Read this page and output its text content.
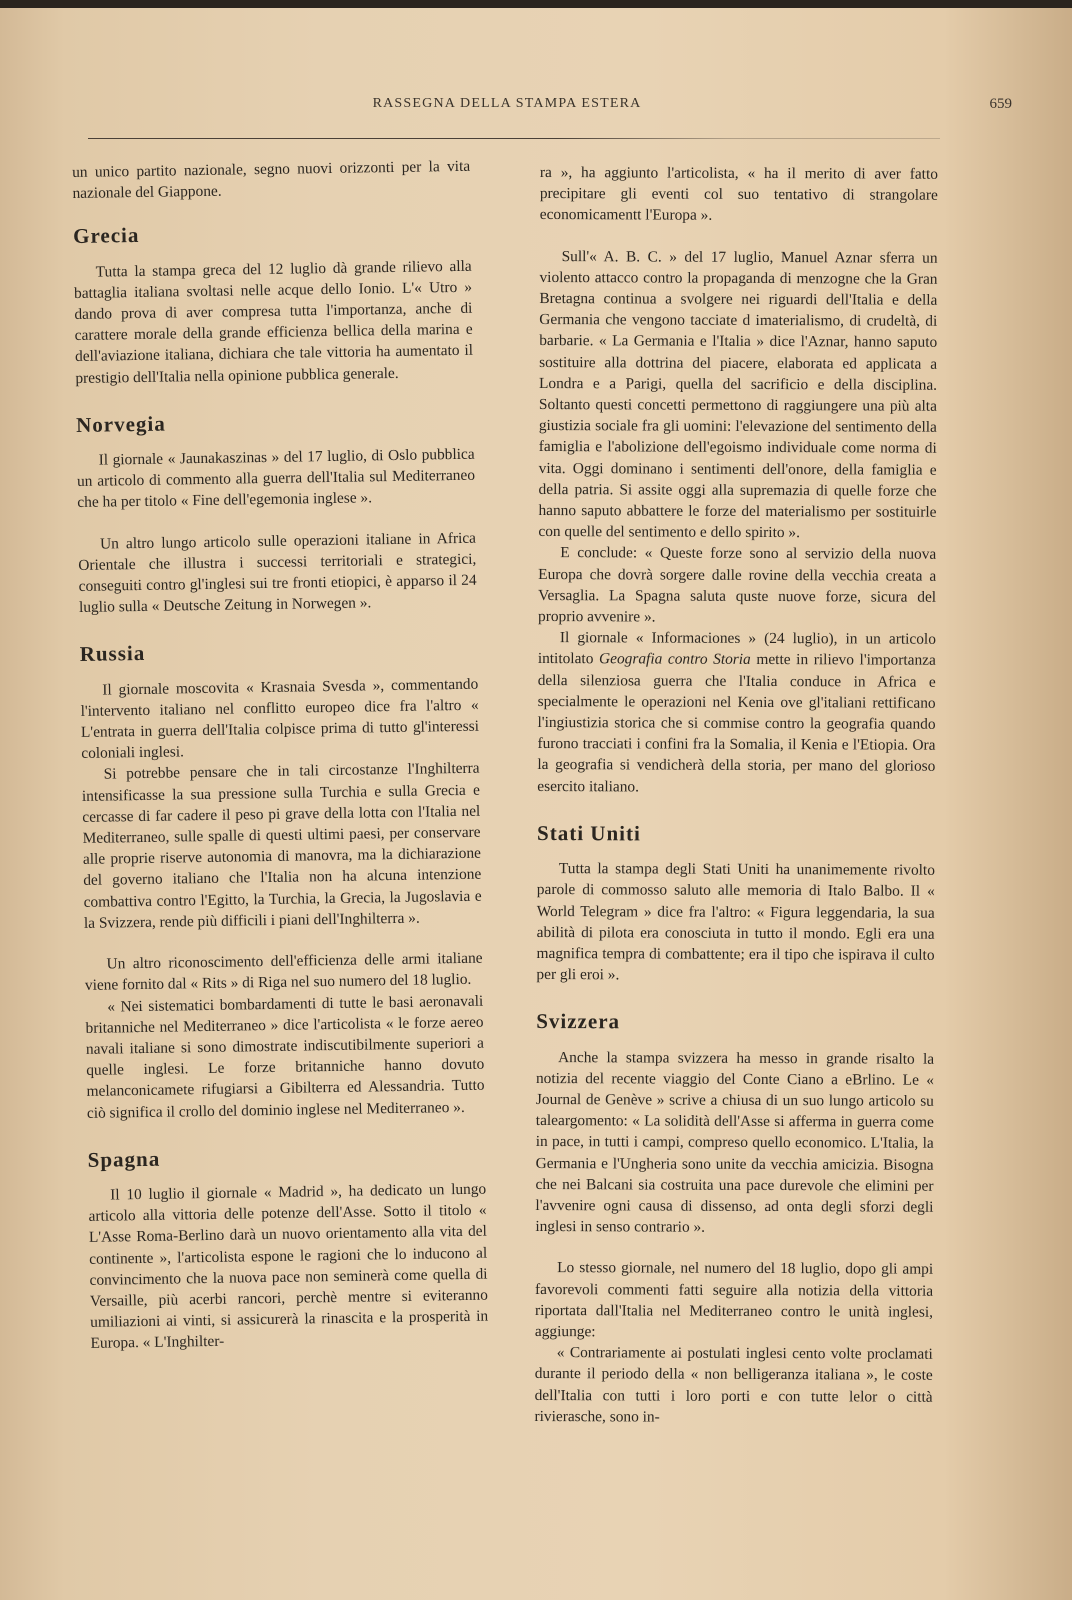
RASSEGNA DELLA STAMPA ESTERA	659

un unico partito nazionale, segno nuovi orizzonti per la vita nazionale del Giappone.

Grecia

Tutta la stampa greca del 12 luglio dà grande rilievo alla battaglia italiana svoltasi nelle acque dello Ionio. L'« Utro » dando prova di aver compresa tutta l'importanza, anche di carattere morale della grande efficienza bellica della marina e dell'aviazione italiana, dichiara che tale vittoria ha aumentato il prestigio dell'Italia nella opinione pubblica generale.

Norvegia

Il giornale « Jaunakaszinas » del 17 luglio, di Oslo pubblica un articolo di commento alla guerra dell'Italia sul Mediterraneo che ha per titolo « Fine dell'egemonia inglese ».

Un altro lungo articolo sulle operazioni italiane in Africa Orientale che illustra i successi territoriali e strategici, conseguiti contro gl'inglesi sui tre fronti etiopici, è apparso il 24 luglio sulla « Deutsche Zeitung in Norwegen ».

Russia

Il giornale moscovita « Krasnaia Svesda », commentando l'intervento italiano nel conflitto europeo dice fra l'altro « L'entrata in guerra dell'Italia colpisce prima di tutto gl'interessi coloniali inglesi.

Si potrebbe pensare che in tali circostanze l'Inghilterra intensificasse la sua pressione sulla Turchia e sulla Grecia e cercasse di far cadere il peso pi grave della lotta con l'Italia nel Mediterraneo, sulle spalle di questi ultimi paesi, per conservare alle proprie riserve autonomia di manovra, ma la dichiarazione del governo italiano che l'Italia non ha alcuna intenzione combattiva contro l'Egitto, la Turchia, la Grecia, la Jugoslavia e la Svizzera, rende più difficili i piani dell'Inghilterra ».

Un altro riconoscimento dell'efficienza delle armi italiane viene fornito dal « Rits » di Riga nel suo numero del 18 luglio.

« Nei sistematici bombardamenti di tutte le basi aeronavali britanniche nel Mediterraneo » dice l'articolista « le forze aereo navali italiane si sono dimostrate indiscutibilmente superiori a quelle inglesi. Le forze britanniche hanno dovuto melanconicamete rifugiarsi a Gibilterra ed Alessandria. Tutto ciò significa il crollo del dominio inglese nel Mediterraneo ».

Spagna

Il 10 luglio il giornale « Madrid », ha dedicato un lungo articolo alla vittoria delle potenze dell'Asse. Sotto il titolo « L'Asse Roma-Berlino darà un nuovo orientamento alla vita del continente », l'articolista espone le ragioni che lo inducono al convincimento che la nuova pace non seminerà come quella di Versaille, più acerbi rancori, perchè mentre si eviteranno umiliazioni ai vinti, si assicurerà la rinascita e la prosperità in Europa. « L'Inghilter-

ra », ha aggiunto l'articolista, « ha il merito di aver fatto precipitare gli eventi col suo tentativo di strangolare economicamentt l'Europa ».

Sull'« A. B. C. » del 17 luglio, Manuel Aznar sferra un violento attacco contro la propaganda di menzogne che la Gran Bretagna continua a svolgere nei riguardi dell'Italia e della Germania che vengono tacciate d imaterialismo, di crudeltà, di barbarie. « La Germania e l'Italia » dice l'Aznar, hanno saputo sostituire alla dottrina del piacere, elaborata ed applicata a Londra e a Parigi, quella del sacrificio e della disciplina. Soltanto questi concetti permettono di raggiungere una più alta giustizia sociale fra gli uomini: l'elevazione del sentimento della famiglia e l'abolizione dell'egoismo individuale come norma di vita. Oggi dominano i sentimenti dell'onore, della famiglia e della patria. Si assite oggi alla supremazia di quelle forze che hanno saputo abbattere le forze del materialismo per sostituirle con quelle del sentimento e dello spirito ».

E conclude: « Queste forze sono al servizio della nuova Europa che dovrà sorgere dalle rovine della vecchia creata a Versaglia. La Spagna saluta quste nuove forze, sicura del proprio avvenire ».

Il giornale « Informaciones » (24 luglio), in un articolo intitolato Geografia contro Storia mette in rilievo l'importanza della silenziosa guerra che l'Italia conduce in Africa e specialmente le operazioni nel Kenia ove gl'italiani rettificano l'ingiustizia storica che si commise contro la geografia quando furono tracciati i confini fra la Somalia, il Kenia e l'Etiopia. Ora la geografia si vendicherà della storia, per mano del glorioso esercito italiano.

Stati Uniti

Tutta la stampa degli Stati Uniti ha unanimemente rivolto parole di commosso saluto alle memoria di Italo Balbo. Il « World Telegram » dice fra l'altro: « Figura leggendaria, la sua abilità di pilota era conosciuta in tutto il mondo. Egli era una magnifica tempra di combattente; era il tipo che ispirava il culto per gli eroi ».

Svizzera

Anche la stampa svizzera ha messo in grande risalto la notizia del recente viaggio del Conte Ciano a eBrlino. Le « Journal de Genève » scrive a chiusa di un suo lungo articolo su taleargomento: « La solidità dell'Asse si afferma in guerra come in pace, in tutti i campi, compreso quello economico. L'Italia, la Germania e l'Ungheria sono unite da vecchia amicizia. Bisogna che nei Balcani sia costruita una pace durevole che elimini per l'avvenire ogni causa di dissenso, ad onta degli sforzi degli inglesi in senso contrario ».

Lo stesso giornale, nel numero del 18 luglio, dopo gli ampi favorevoli commenti fatti seguire alla notizia della vittoria riportata dall'Italia nel Mediterraneo contro le unità inglesi, aggiunge:

« Contrariamente ai postulati inglesi cento volte proclamati durante il periodo della « non belligeranza italiana », le coste dell'Italia con tutti i loro porti e con tutte lelor o città rivierasche, sono in-
